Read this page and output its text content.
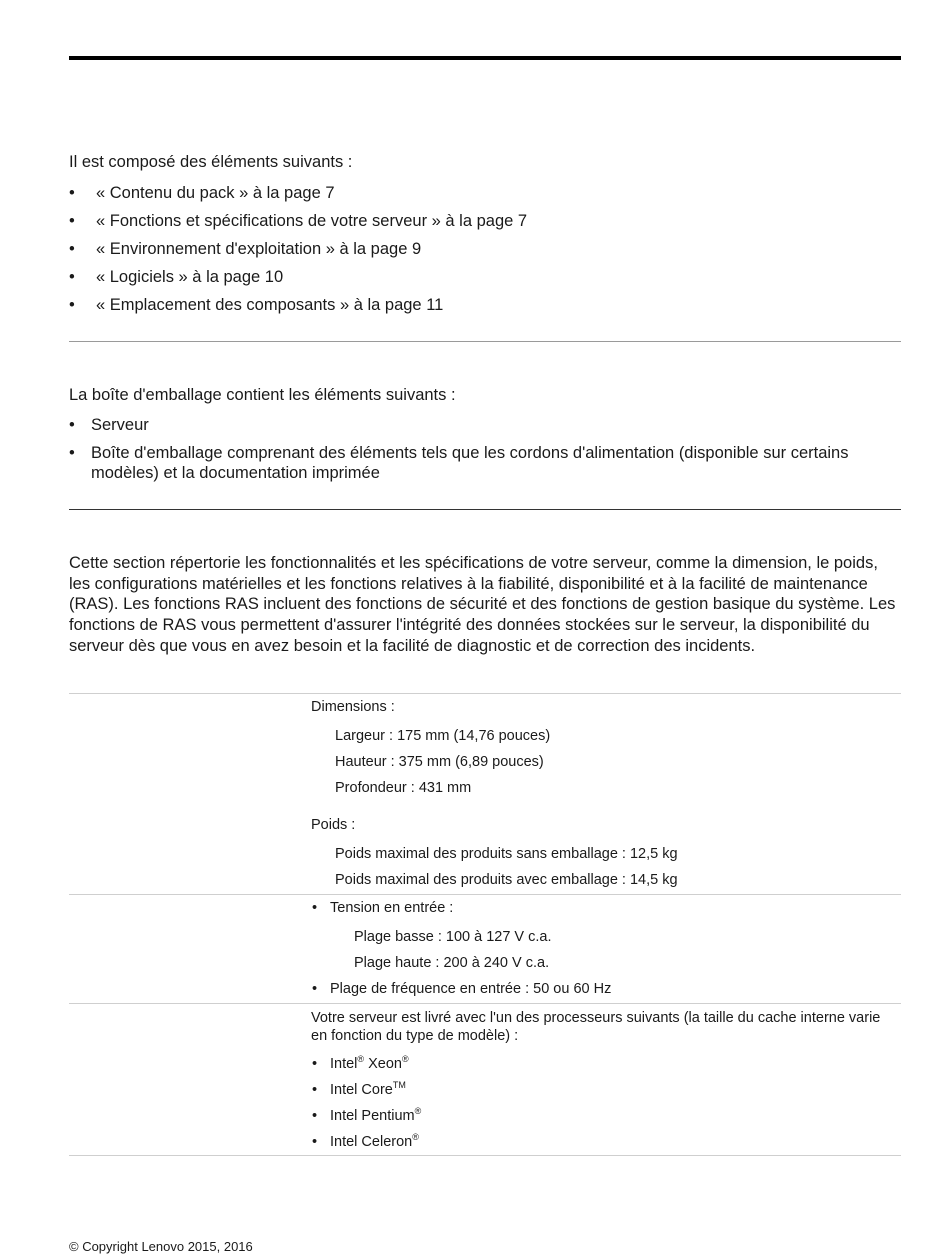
Il est composé des éléments suivants :
• « Contenu du pack » à la page 7
• « Fonctions et spécifications de votre serveur » à la page 7
• « Environnement d'exploitation » à la page 9
• « Logiciels » à la page 10
• « Emplacement des composants » à la page 11
La boîte d'emballage contient les éléments suivants :
• Serveur
• Boîte d'emballage comprenant des éléments tels que les cordons d'alimentation (disponible sur certains modèles) et la documentation imprimée
Cette section répertorie les fonctionnalités et les spécifications de votre serveur, comme la dimension, le poids, les configurations matérielles et les fonctions relatives à la fiabilité, disponibilité et à la facilité de maintenance (RAS). Les fonctions RAS incluent des fonctions de sécurité et des fonctions de gestion basique du système. Les fonctions de RAS vous permettent d'assurer l'intégrité des données stockées sur le serveur, la disponibilité du serveur dès que vous en avez besoin et la facilité de diagnostic et de correction des incidents.
Dimensions :
Largeur : 175 mm (14,76 pouces)
Hauteur : 375 mm (6,89 pouces)
Profondeur : 431 mm
Poids :
Poids maximal des produits sans emballage : 12,5 kg
Poids maximal des produits avec emballage : 14,5 kg
• Tension en entrée :
Plage basse : 100 à 127 V c.a.
Plage haute : 200 à 240 V c.a.
• Plage de fréquence en entrée : 50 ou 60 Hz
Votre serveur est livré avec l'un des processeurs suivants (la taille du cache interne varie en fonction du type de modèle) :
• Intel® Xeon®
• Intel Core™
• Intel Pentium®
• Intel Celeron®
© Copyright Lenovo 2015, 2016
